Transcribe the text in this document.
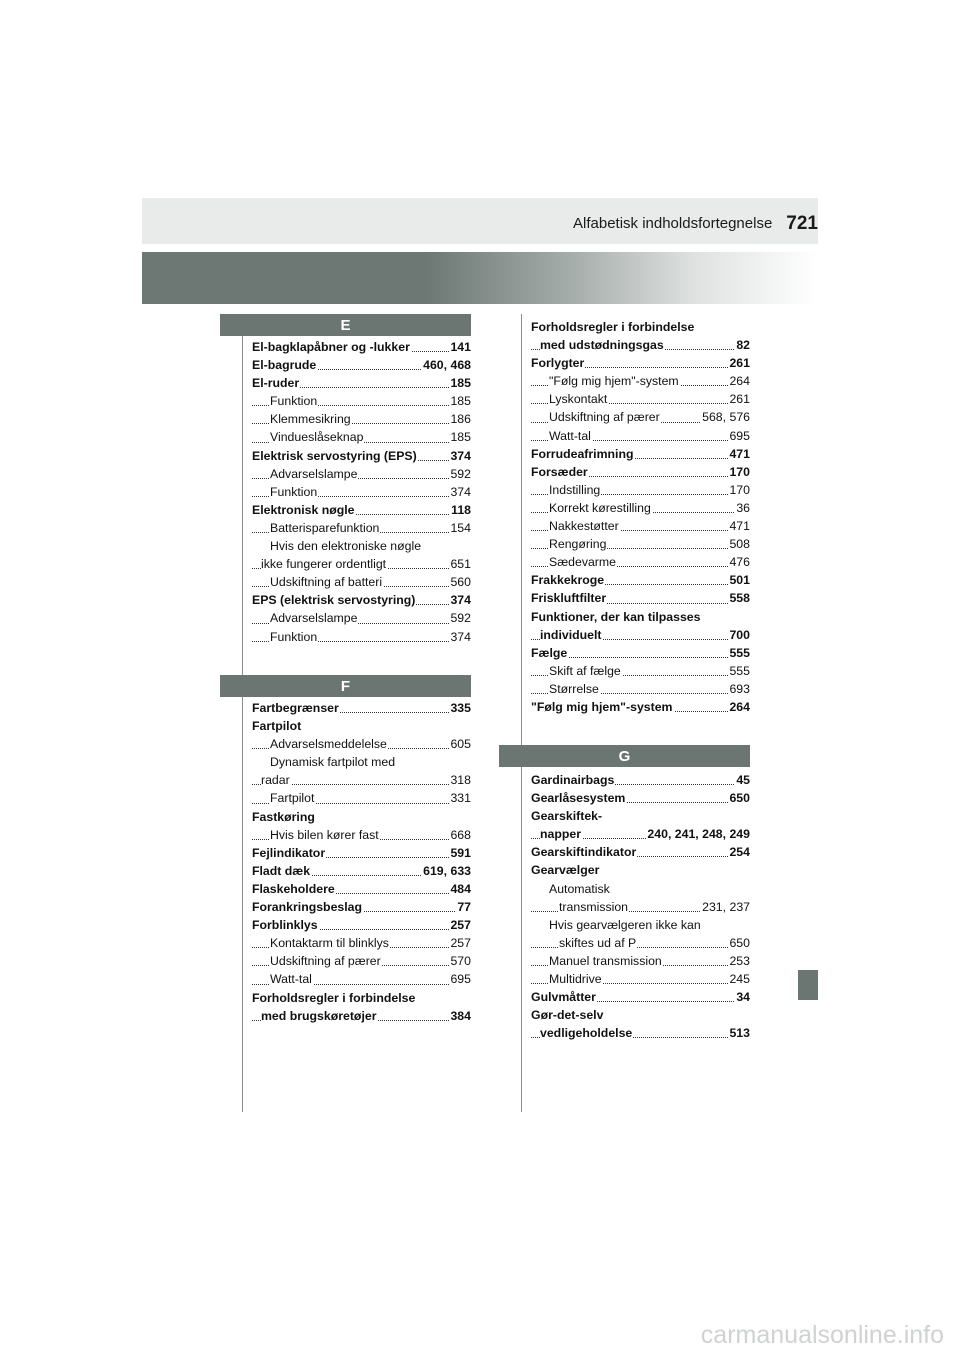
Alfabetisk indholdsfortegnelse 721
E
El-bagklapåbner og -lukker	141
El-bagrude	460, 468
El-ruder	185
Funktion	185
Klemmesikring	186
Vindueslåseknap	185
Elektrisk servostyring (EPS)	374
Advarselslampe	592
Funktion	374
Elektronisk nøgle	118
Batterisparefunktion	154
Hvis den elektroniske nøgle
ikke fungerer ordentligt	651
Udskiftning af batteri	560
EPS (elektrisk servostyring)	374
Advarselslampe	592
Funktion	374
F
Fartbegrænser	335
Fartpilot
Advarselsmeddelelse	605
Dynamisk fartpilot med
radar	318
Fartpilot	331
Fastkøring
Hvis bilen kører fast	668
Fejlindikator	591
Fladt dæk	619, 633
Flaskeholdere	484
Forankringsbeslag	77
Forblinklys	257
Kontaktarm til blinklys	257
Udskiftning af pærer	570
Watt-tal	695
Forholdsregler i forbindelse
med brugskøretøjer	384
Forholdsregler i forbindelse
med udstødningsgas	82
Forlygter	261
"Følg mig hjem"-system	264
Lyskontakt	261
Udskiftning af pærer	568, 576
Watt-tal	695
Forrudeafrimning	471
Forsæder	170
Indstilling	170
Korrekt kørestilling	36
Nakkestøtter	471
Rengøring	508
Sædevarme	476
Frakkekroge	501
Friskluftfilter	558
Funktioner, der kan tilpasses
individuelt	700
Fælge	555
Skift af fælge	555
Størrelse	693
"Følg mig hjem"-system	264
G
Gardinairbags	45
Gearlåsesystem	650
Gearskiftek-
napper	240, 241, 248, 249
Gearskiftindikator	254
Gearvælger
Automatisk
transmission	231, 237
Hvis gearvælgeren ikke kan
skiftes ud af P	650
Manuel transmission	253
Multidrive	245
Gulvmåtter	34
Gør-det-selv
vedligeholdelse	513
carmanualsonline.info
